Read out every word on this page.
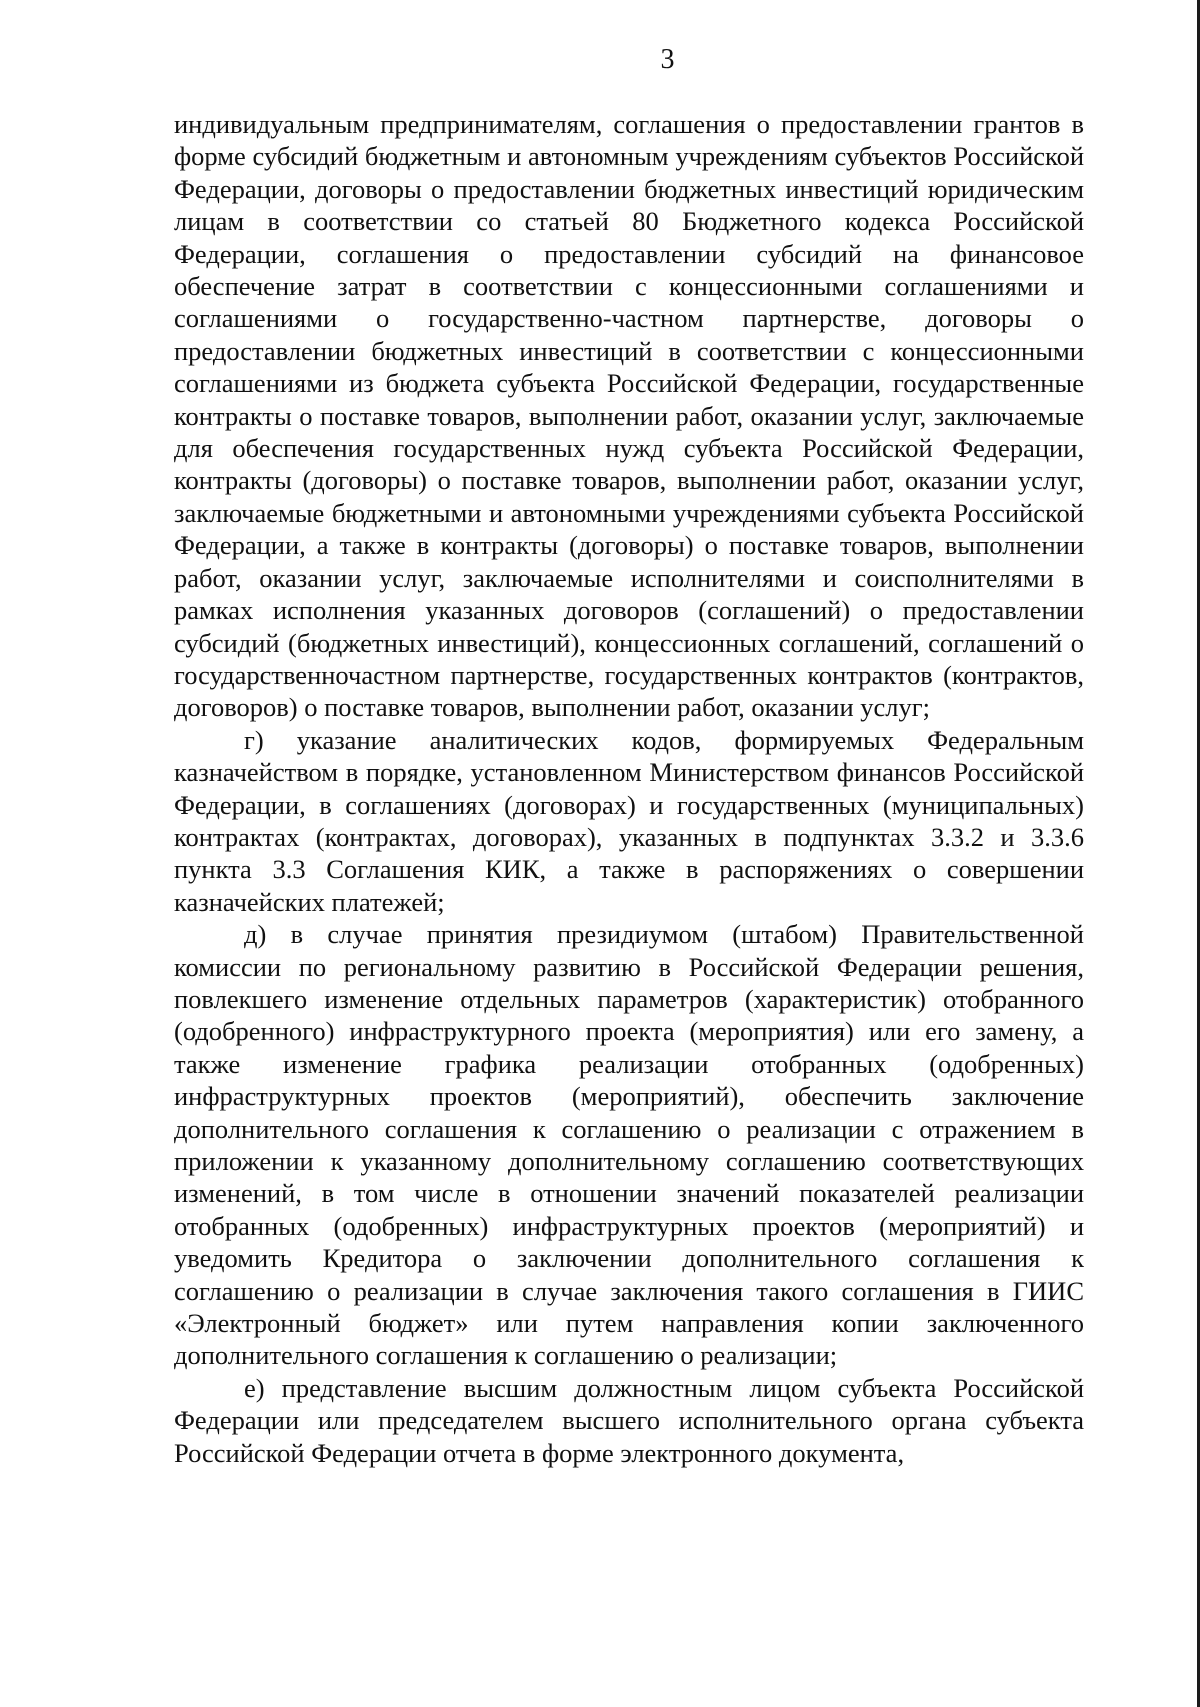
3

индивидуальным предпринимателям, соглашения о предоставлении грантов в форме субсидий бюджетным и автономным учреждениям субъектов Российской Федерации, договоры о предоставлении бюджетных инвестиций юридическим лицам в соответствии со статьей 80 Бюджетного кодекса Российской Федерации, соглашения о предоставлении субсидий на финансовое обеспечение затрат в соответствии с концессионными соглашениями и соглашениями о государственно-частном партнерстве, договоры о предоставлении бюджетных инвестиций в соответствии с концессионными соглашениями из бюджета субъекта Российской Федерации, государственные контракты о поставке товаров, выполнении работ, оказании услуг, заключаемые для обеспечения государственных нужд субъекта Российской Федерации, контракты (договоры) о поставке товаров, выполнении работ, оказании услуг, заключаемые бюджетными и автономными учреждениями субъекта Российской Федерации, а также в контракты (договоры) о поставке товаров, выполнении работ, оказании услуг, заключаемые исполнителями и соисполнителями в рамках исполнения указанных договоров (соглашений) о предоставлении субсидий (бюджетных инвестиций), концессионных соглашений, соглашений о государственночастном партнерстве, государственных контрактов (контрактов, договоров) о поставке товаров, выполнении работ, оказании услуг;

г) указание аналитических кодов, формируемых Федеральным казначейством в порядке, установленном Министерством финансов Российской Федерации, в соглашениях (договорах) и государственных (муниципальных) контрактах (контрактах, договорах), указанных в подпунктах 3.3.2 и 3.3.6 пункта 3.3 Соглашения КИК, а также в распоряжениях о совершении казначейских платежей;

д) в случае принятия президиумом (штабом) Правительственной комиссии по региональному развитию в Российской Федерации решения, повлекшего изменение отдельных параметров (характеристик) отобранного (одобренного) инфраструктурного проекта (мероприятия) или его замену, а также изменение графика реализации отобранных (одобренных) инфраструктурных проектов (мероприятий), обеспечить заключение дополнительного соглашения к соглашению о реализации с отражением в приложении к указанному дополнительному соглашению соответствующих изменений, в том числе в отношении значений показателей реализации отобранных (одобренных) инфраструктурных проектов (мероприятий) и уведомить Кредитора о заключении дополнительного соглашения к соглашению о реализации в случае заключения такого соглашения в ГИИС «Электронный бюджет» или путем направления копии заключенного дополнительного соглашения к соглашению о реализации;

е) представление высшим должностным лицом субъекта Российской Федерации или председателем высшего исполнительного органа субъекта Российской Федерации отчета в форме электронного документа,
